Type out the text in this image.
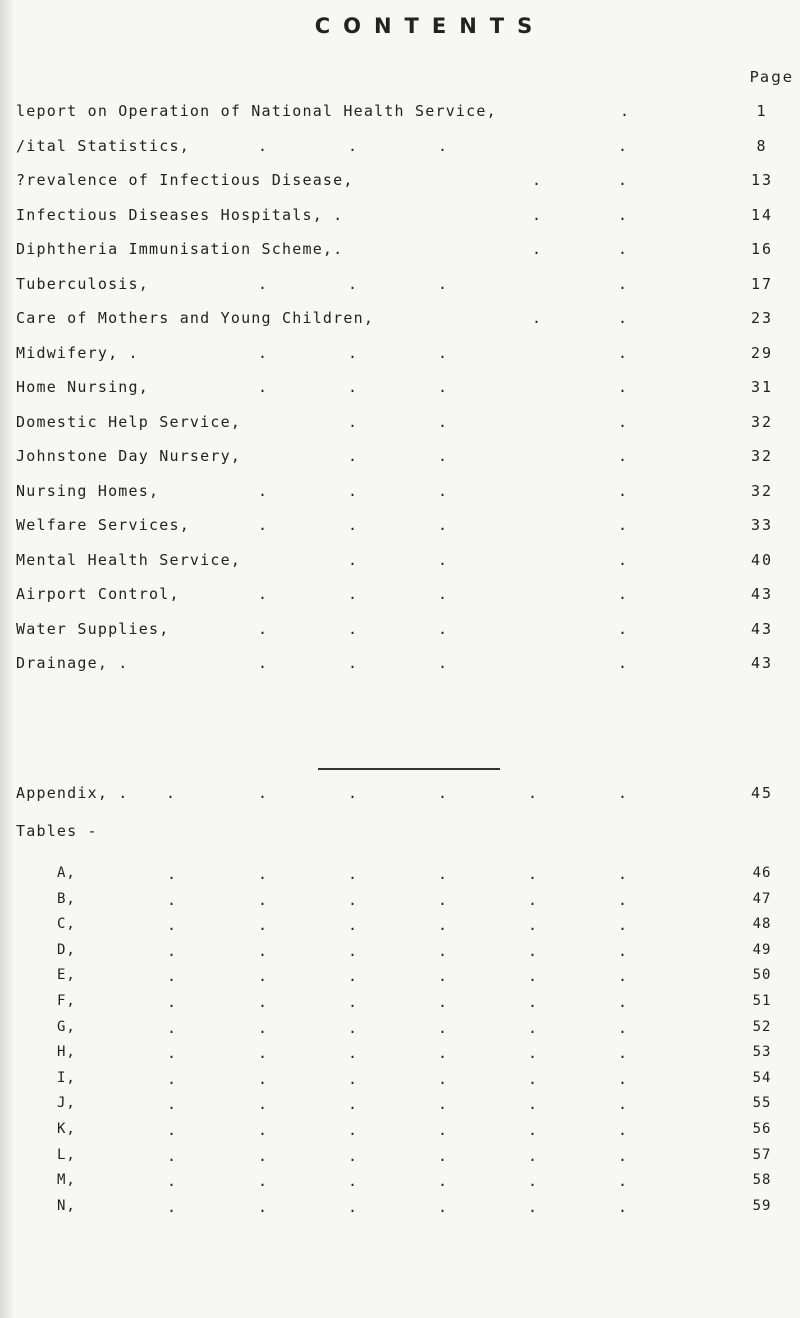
CONTENTS
Page
leport on Operation of National Health Service,	.	1
/ital Statistics,	.	.	.	.	8
?revalence of Infectious Disease,	.	.	13
Infectious Diseases Hospitals, .	.	.	14
Diphtheria Immunisation Scheme,.	.	.	16
Tuberculosis,	.	.	.	.	17
Care of Mothers and Young Children,	.	.	23
Midwifery, .	.	.	.	.	29
Home Nursing,	.	.	.	.	31
Domestic Help Service,	.	.	.	32
Johnstone Day Nursery,	.	.	.	32
Nursing Homes,	.	.	.	.	32
Welfare Services,	.	.	.	.	33
Mental Health Service,	.	.	.	40
Airport Control,	.	.	.	.	43
Water Supplies,	.	.	.	.	43
Drainage, .	.	.	.	.	43
Appendix, . .	.	.	.	.	.	45
Tables -
A,	.	.	.	.	.	.	46
B,	.	.	.	.	.	.	47
C,	.	.	.	.	.	.	48
D,	.	.	.	.	.	.	49
E,	.	.	.	.	.	.	50
F,	.	.	.	.	.	.	51
G,	.	.	.	.	.	.	52
H,	.	.	.	.	.	.	53
I,	.	.	.	.	.	.	54
J,	.	.	.	.	.	.	55
K,	.	.	.	.	.	.	56
L,	.	.	.	.	.	.	57
M,	.	.	.	.	.	.	58
N,	.	.	.	.	.	.	59
